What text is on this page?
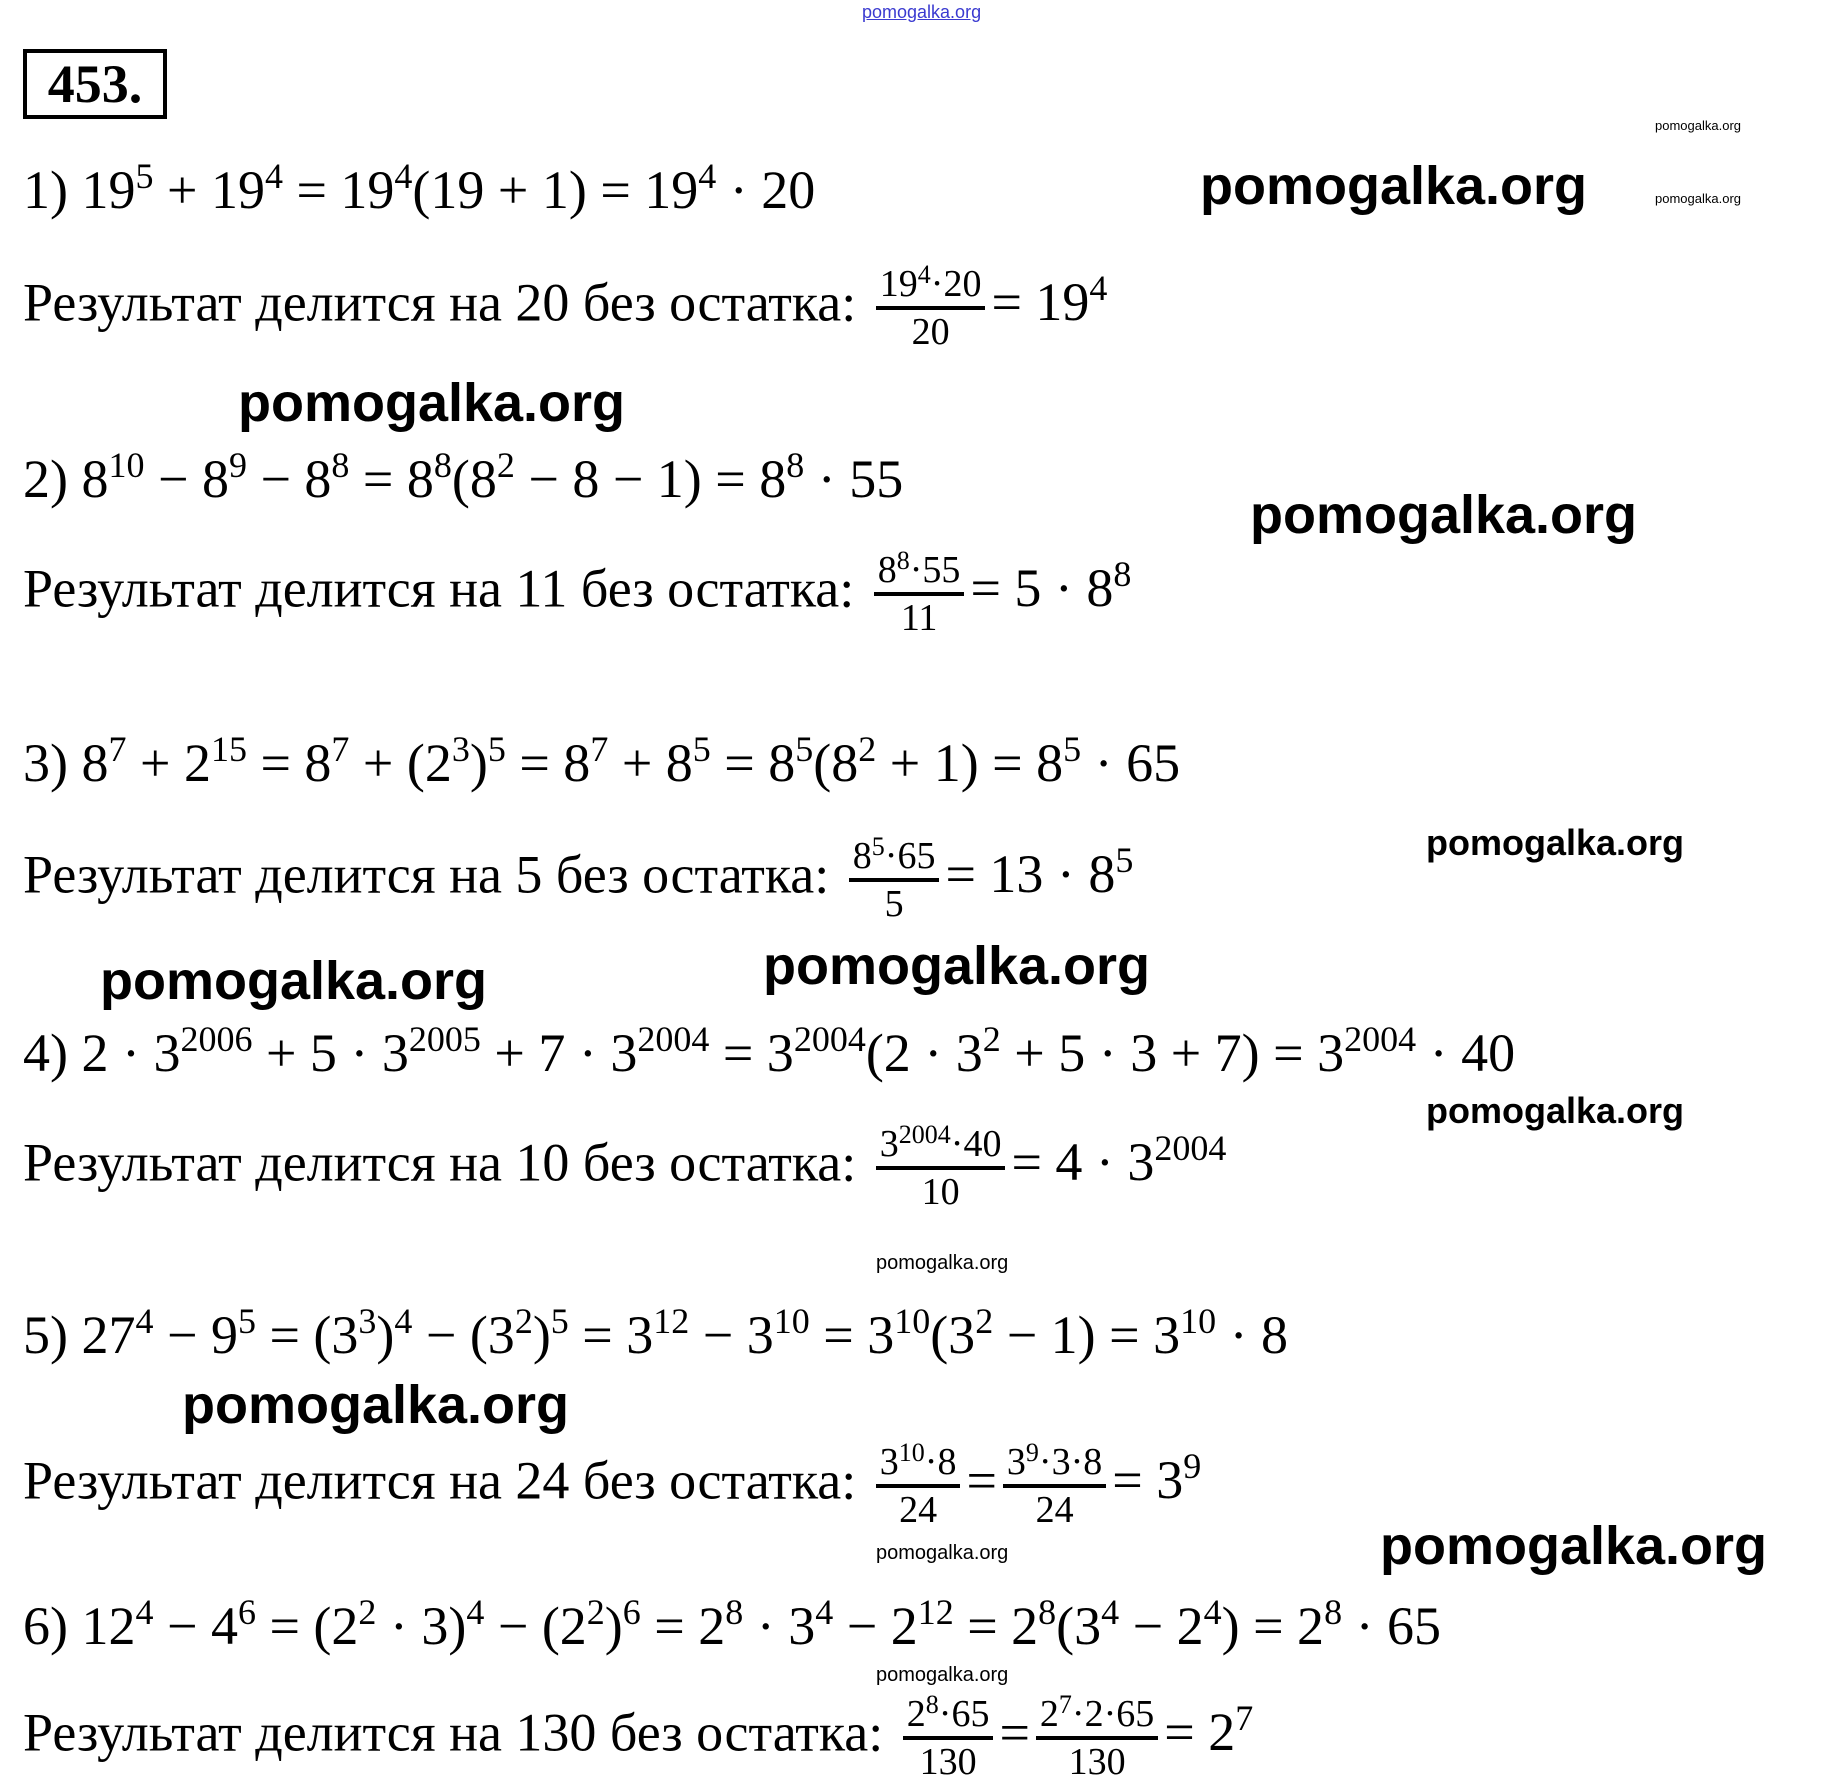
pomogalka.org
453.
pomogalka.org
pomogalka.org
1) $19^5 + 19^4 = 19^4(19 + 1) = 19^4 \cdot 20$	pomogalka.org
Результат делится на 20 без остатка: $\frac{19^4\cdot 20}{20} = 19^4$
pomogalka.org
2) $8^{10} - 8^9 - 8^8 = 8^8(8^2 - 8 - 1) = 8^8 \cdot 55$
pomogalka.org
Результат делится на 11 без остатка: $\frac{8^8\cdot 55}{11} = 5 \cdot 8^8$
3) $8^7 + 2^{15} = 8^7 + (2^3)^5 = 8^7 + 8^5 = 8^5(8^2 + 1) = 8^5 \cdot 65$
pomogalka.org
Результат делится на 5 без остатка: $\frac{8^5\cdot 65}{5} = 13 \cdot 8^5$
pomogalka.org
pomogalka.org
4) $2 \cdot 3^{2006} + 5 \cdot 3^{2005} + 7 \cdot 3^{2004} = 3^{2004}(2 \cdot 3^2 + 5 \cdot 3 + 7) = 3^{2004} \cdot 40$
pomogalka.org
Результат делится на 10 без остатка: $\frac{3^{2004}\cdot 40}{10} = 4 \cdot 3^{2004}$
pomogalka.org
5) $27^4 - 9^5 = (3^3)^4 - (3^2)^5 = 3^{12} - 3^{10} = 3^{10}(3^2 - 1) = 3^{10} \cdot 8$
pomogalka.org
Результат делится на 24 без остатка: $\frac{3^{10}\cdot 8}{24} = \frac{3^9\cdot 3\cdot 8}{24} = 3^9$
pomogalka.org
pomogalka.org
6) $12^4 - 4^6 = (2^2 \cdot 3)^4 - (2^2)^6 = 2^8 \cdot 3^4 - 2^{12} = 2^8(3^4 - 2^4) = 2^8 \cdot 65$
pomogalka.org
Результат делится на 130 без остатка: $\frac{2^8\cdot 65}{130} = \frac{2^7\cdot 2\cdot 65}{130} = 2^7$
